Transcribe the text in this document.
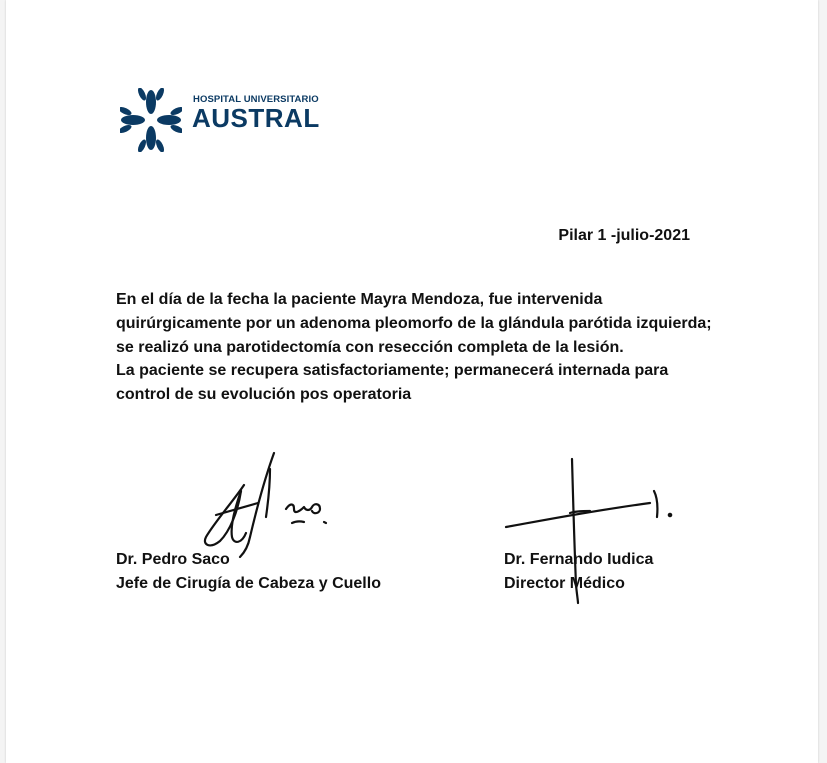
HOSPITAL UNIVERSITARIO
AUSTRAL
Pilar 1 -julio-2021

En el día de la fecha la paciente Mayra Mendoza, fue intervenida quirúrgicamente por un adenoma pleomorfo de la glándula parótida izquierda; se realizó una parotidectomía con resección completa de la lesión.

La paciente se recupera satisfactoriamente; permanecerá internada para control de su evolución pos operatoria

Dr. Pedro Saco
Jefe de Cirugía de Cabeza y Cuello
Dr. Fernando Iudica
Director Médico
